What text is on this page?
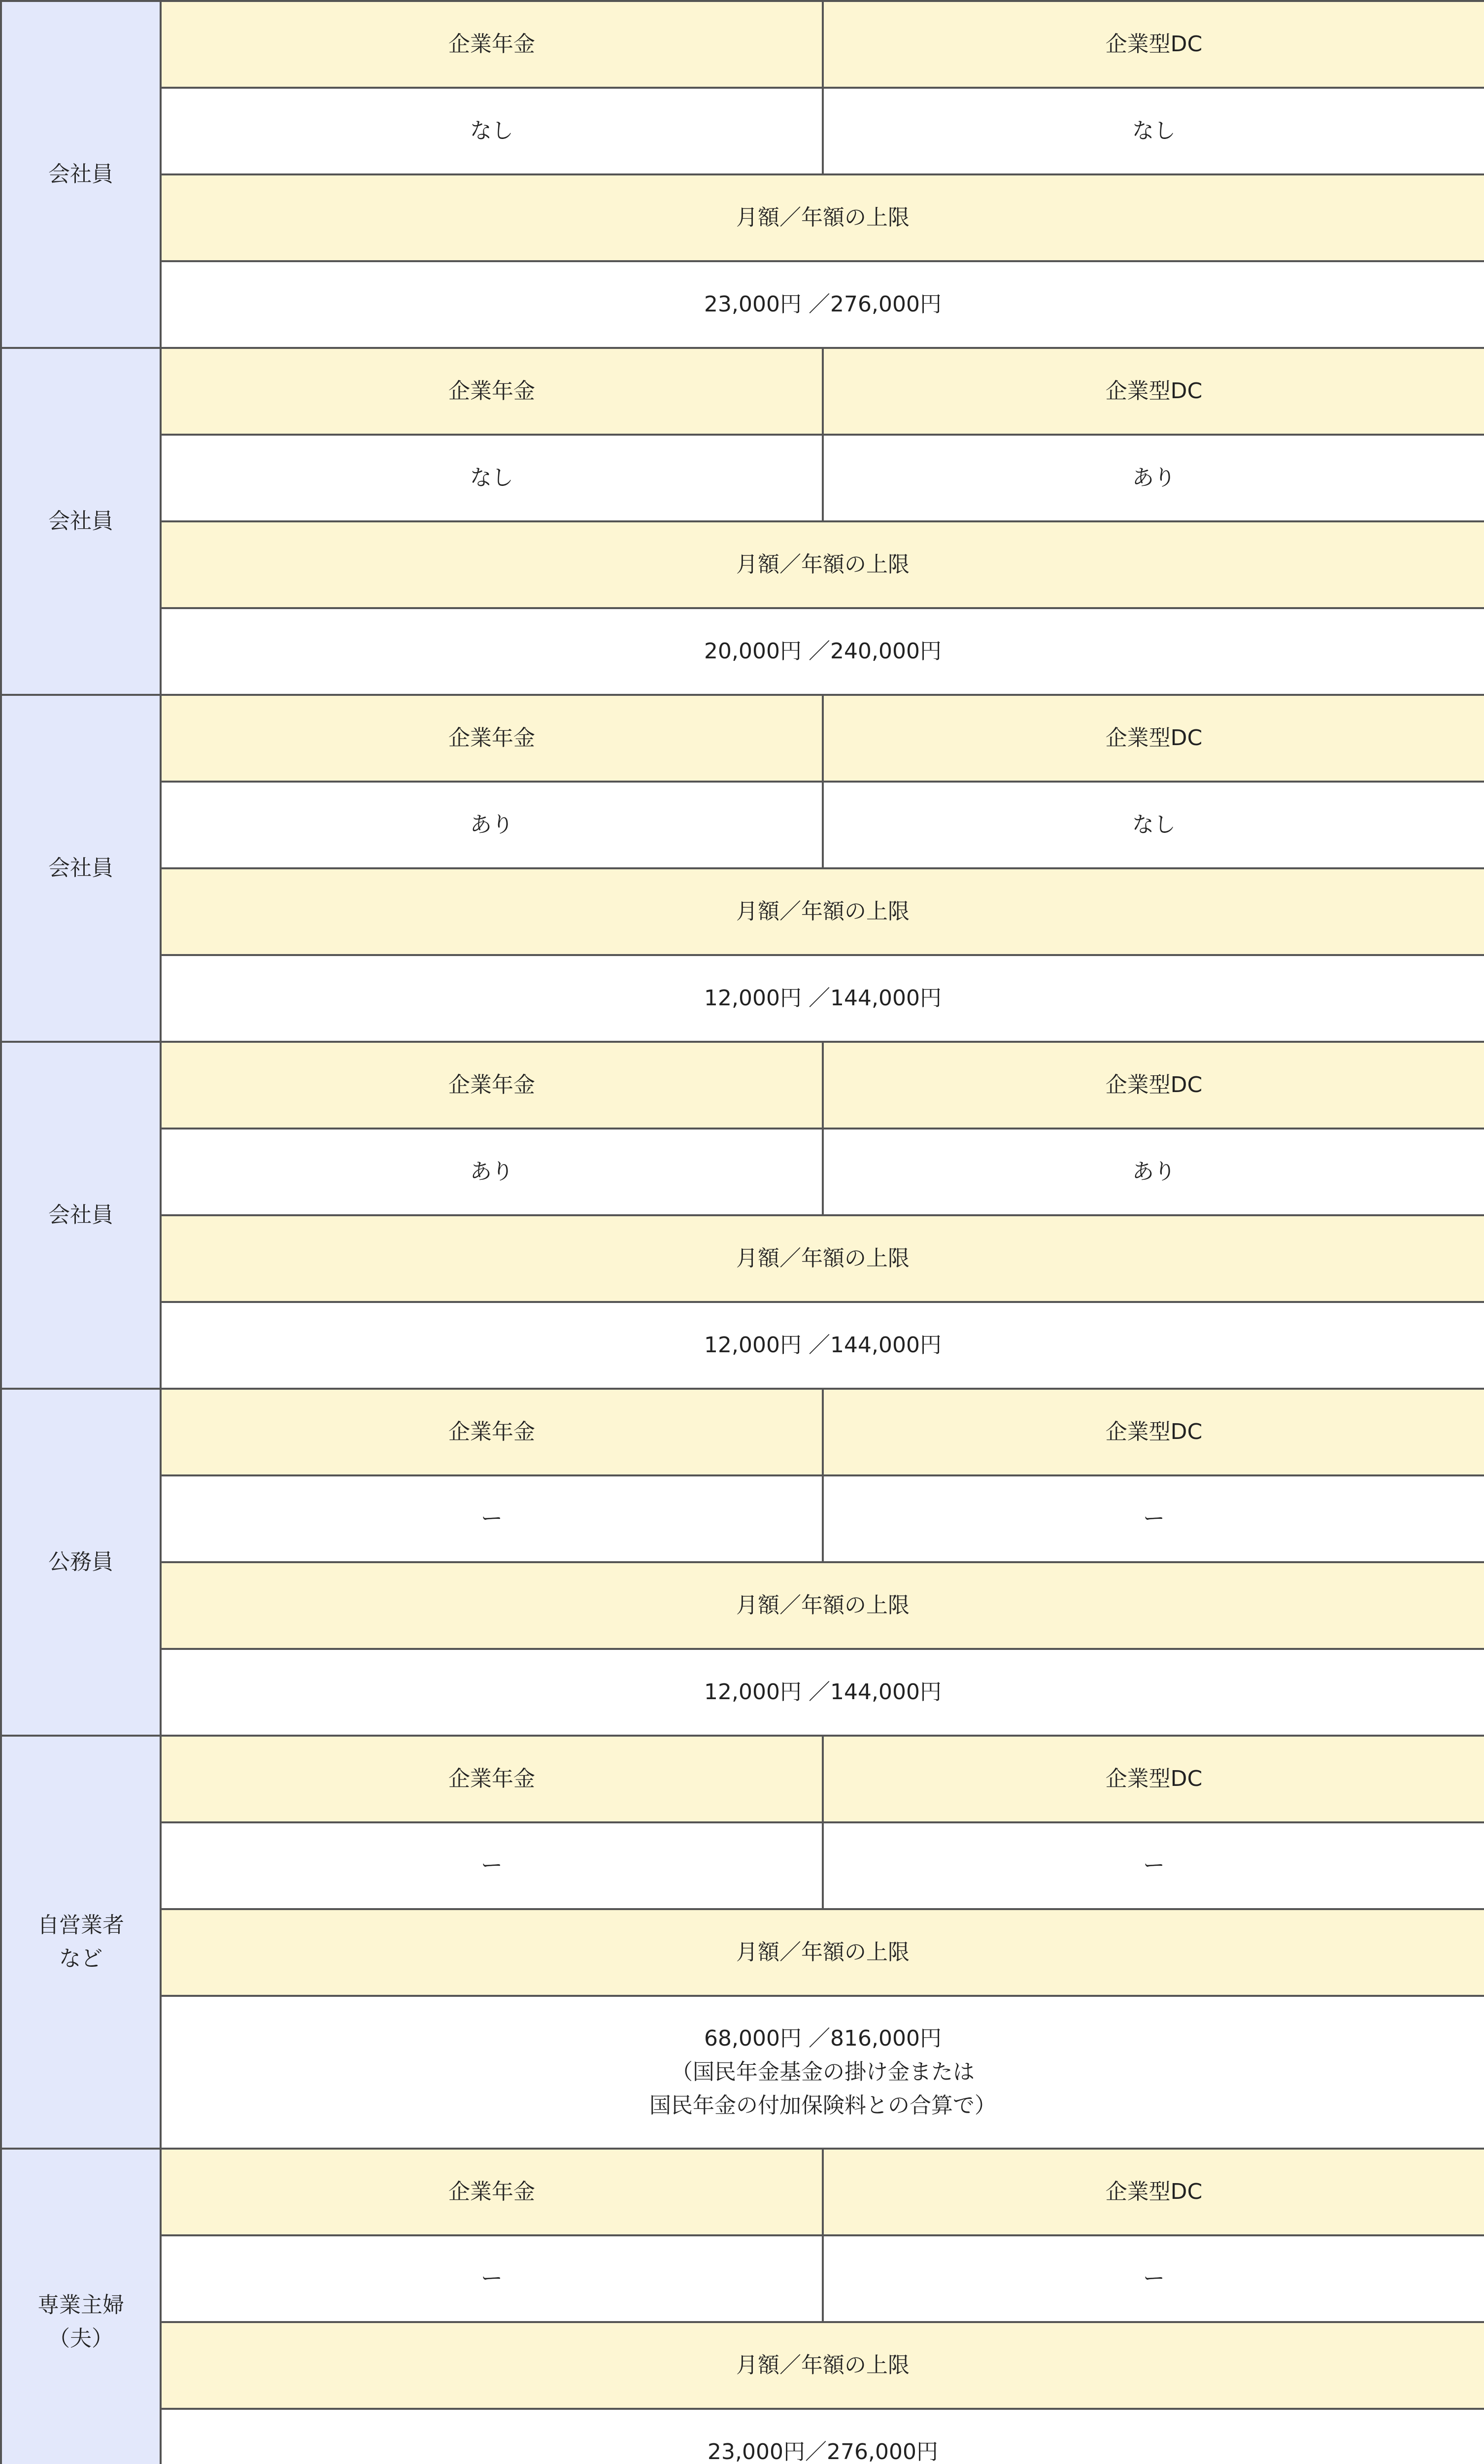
会社員	企業年金	企業型DC
	なし	なし
	月額／年額の上限	

	23,000円 ／276,000円	

会社員	企業年金	企業型DC
	なし	あり
	月額／年額の上限	

	20,000円 ／240,000円	

会社員	企業年金	企業型DC
	あり	なし
	月額／年額の上限	

	12,000円 ／144,000円	

会社員	企業年金	企業型DC
	あり	あり
	月額／年額の上限	

	12,000円 ／144,000円	

公務員	企業年金	企業型DC
	ー	ー
	月額／年額の上限	

	12,000円 ／144,000円	

自営業者
など	企業年金	企業型DC
	ー	ー
	月額／年額の上限	

	68,000円 ／816,000円
（国民年金基金の掛け金または
国民年金の付加保険料との合算で）	

専業主婦
（夫）	企業年金	企業型DC
	ー	ー
	月額／年額の上限	

	23,000円／276,000円	
